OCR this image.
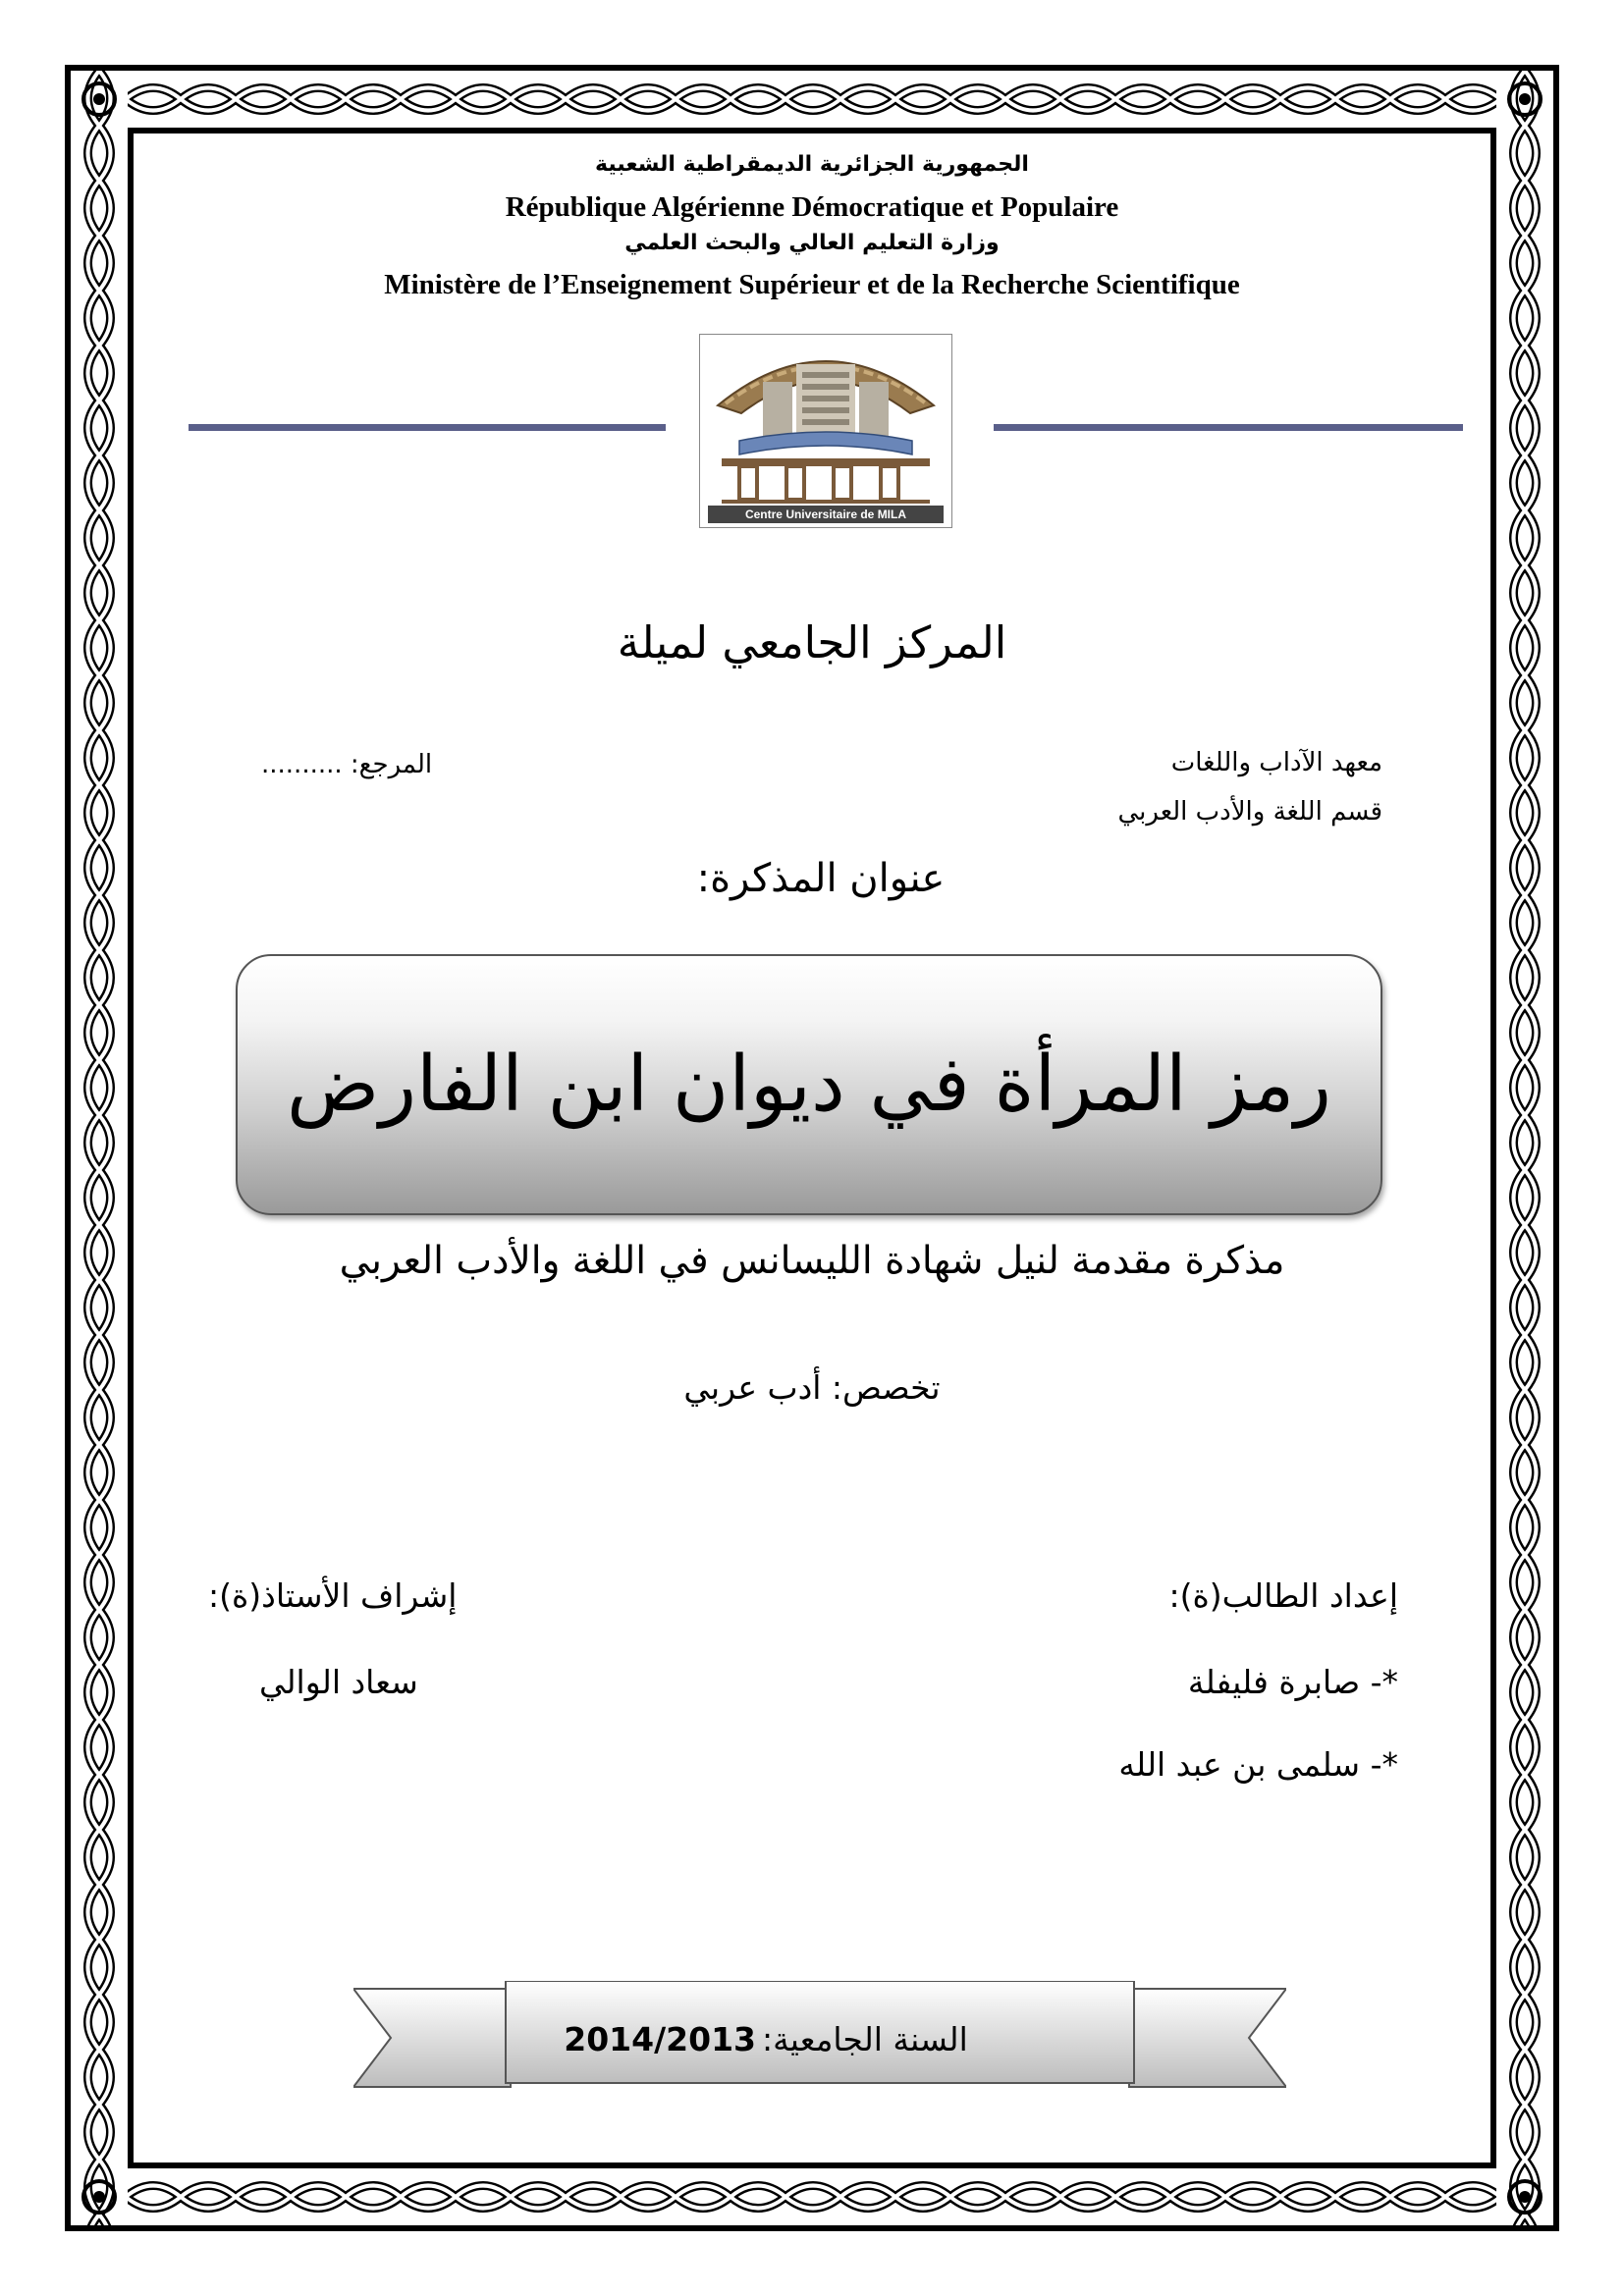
الجمهورية الجزائرية الديمقراطية الشعبية
République Algérienne Démocratique et Populaire
وزارة التعليم العالي والبحث العلمي
Ministère de l’Enseignement Supérieur et de la Recherche Scientifique
Centre Universitaire de MILA
المركز الجامعي لميلة
معهد الآداب واللغات
قسم اللغة والأدب العربي
المرجع: ..........
عنوان المذكرة:
رمز المرأة في ديوان ابن الفارض
مذكرة مقدمة لنيل شهادة الليسانس في اللغة والأدب العربي
تخصص: أدب عربي
إعداد الطالب(ة):
*- صابرة فليفلة
*- سلمى بن عبد الله
إشراف الأستاذ(ة):
سعاد الوالي
السنة الجامعية:
2014/2013
